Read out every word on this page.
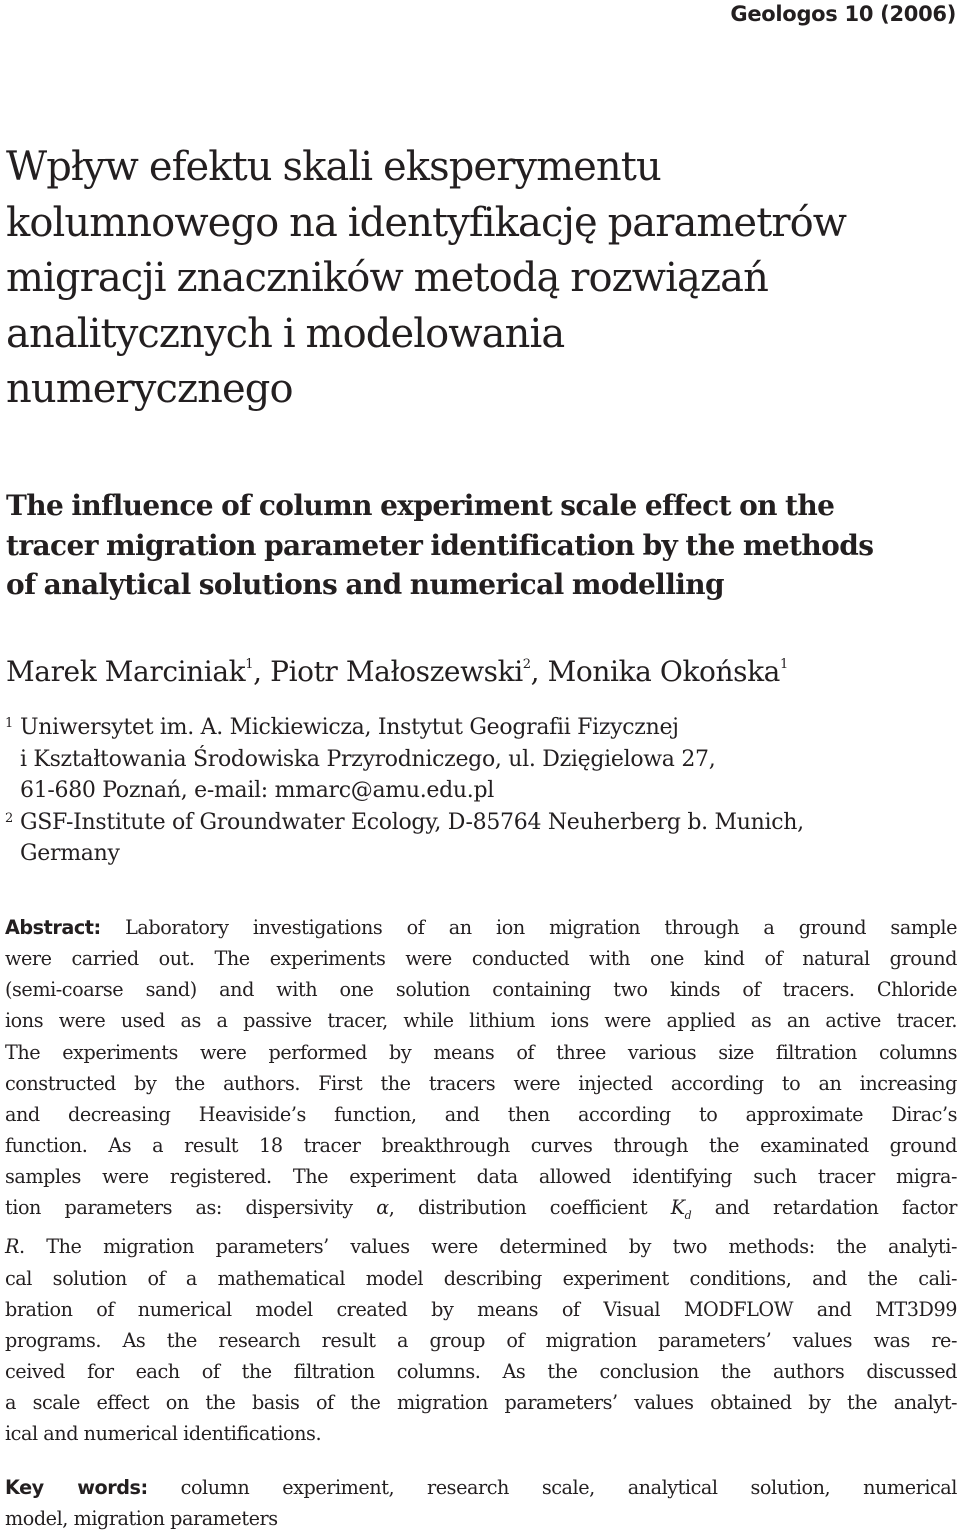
Geologos 10 (2006)
Wpływ efektu skali eksperymentu
kolumnowego na identyfikację parametrów
migracji znaczników metodą rozwiązań
analitycznych i modelowania
numerycznego
The influence of column experiment scale effect on the
tracer migration parameter identification by the methods
of analytical solutions and numerical modelling
Marek Marciniak$^1$, Piotr Małoszewski$^2$, Monika Okońska$^1$
1 Uniwersytet im. A. Mickiewicza, Instytut Geografii Fizycznej
i Kształtowania Środowiska Przyrodniczego, ul. Dzięgielowa 27,
61-680 Poznań, e-mail: mmarc@amu.edu.pl
2 GSF-Institute of Groundwater Ecology, D-85764 Neuherberg b. Munich,
Germany
Abstract: Laboratory investigations of an ion migration through a ground sample
were carried out. The experiments were conducted with one kind of natural ground
(semi-coarse sand) and with one solution containing two kinds of tracers. Chloride
ions were used as a passive tracer, while lithium ions were applied as an active tracer.
The experiments were performed by means of three various size filtration columns
constructed by the authors. First the tracers were injected according to an increasing
and decreasing Heaviside’s function, and then according to approximate Dirac’s
function. As a result 18 tracer breakthrough curves through the examinated ground
samples were registered. The experiment data allowed identifying such tracer migra-
tion parameters as: dispersivity α, distribution coefficient $K_d$ and retardation factor
R. The migration parameters’ values were determined by two methods: the analyti-
cal solution of a mathematical model describing experiment conditions, and the cali-
bration of numerical model created by means of Visual MODFLOW and MT3D99
programs. As the research result a group of migration parameters’ values was re-
ceived for each of the filtration columns. As the conclusion the authors discussed
a scale effect on the basis of the migration parameters’ values obtained by the analyt-
ical and numerical identifications.
Key words: column experiment, research scale, analytical solution, numerical
model, migration parameters
